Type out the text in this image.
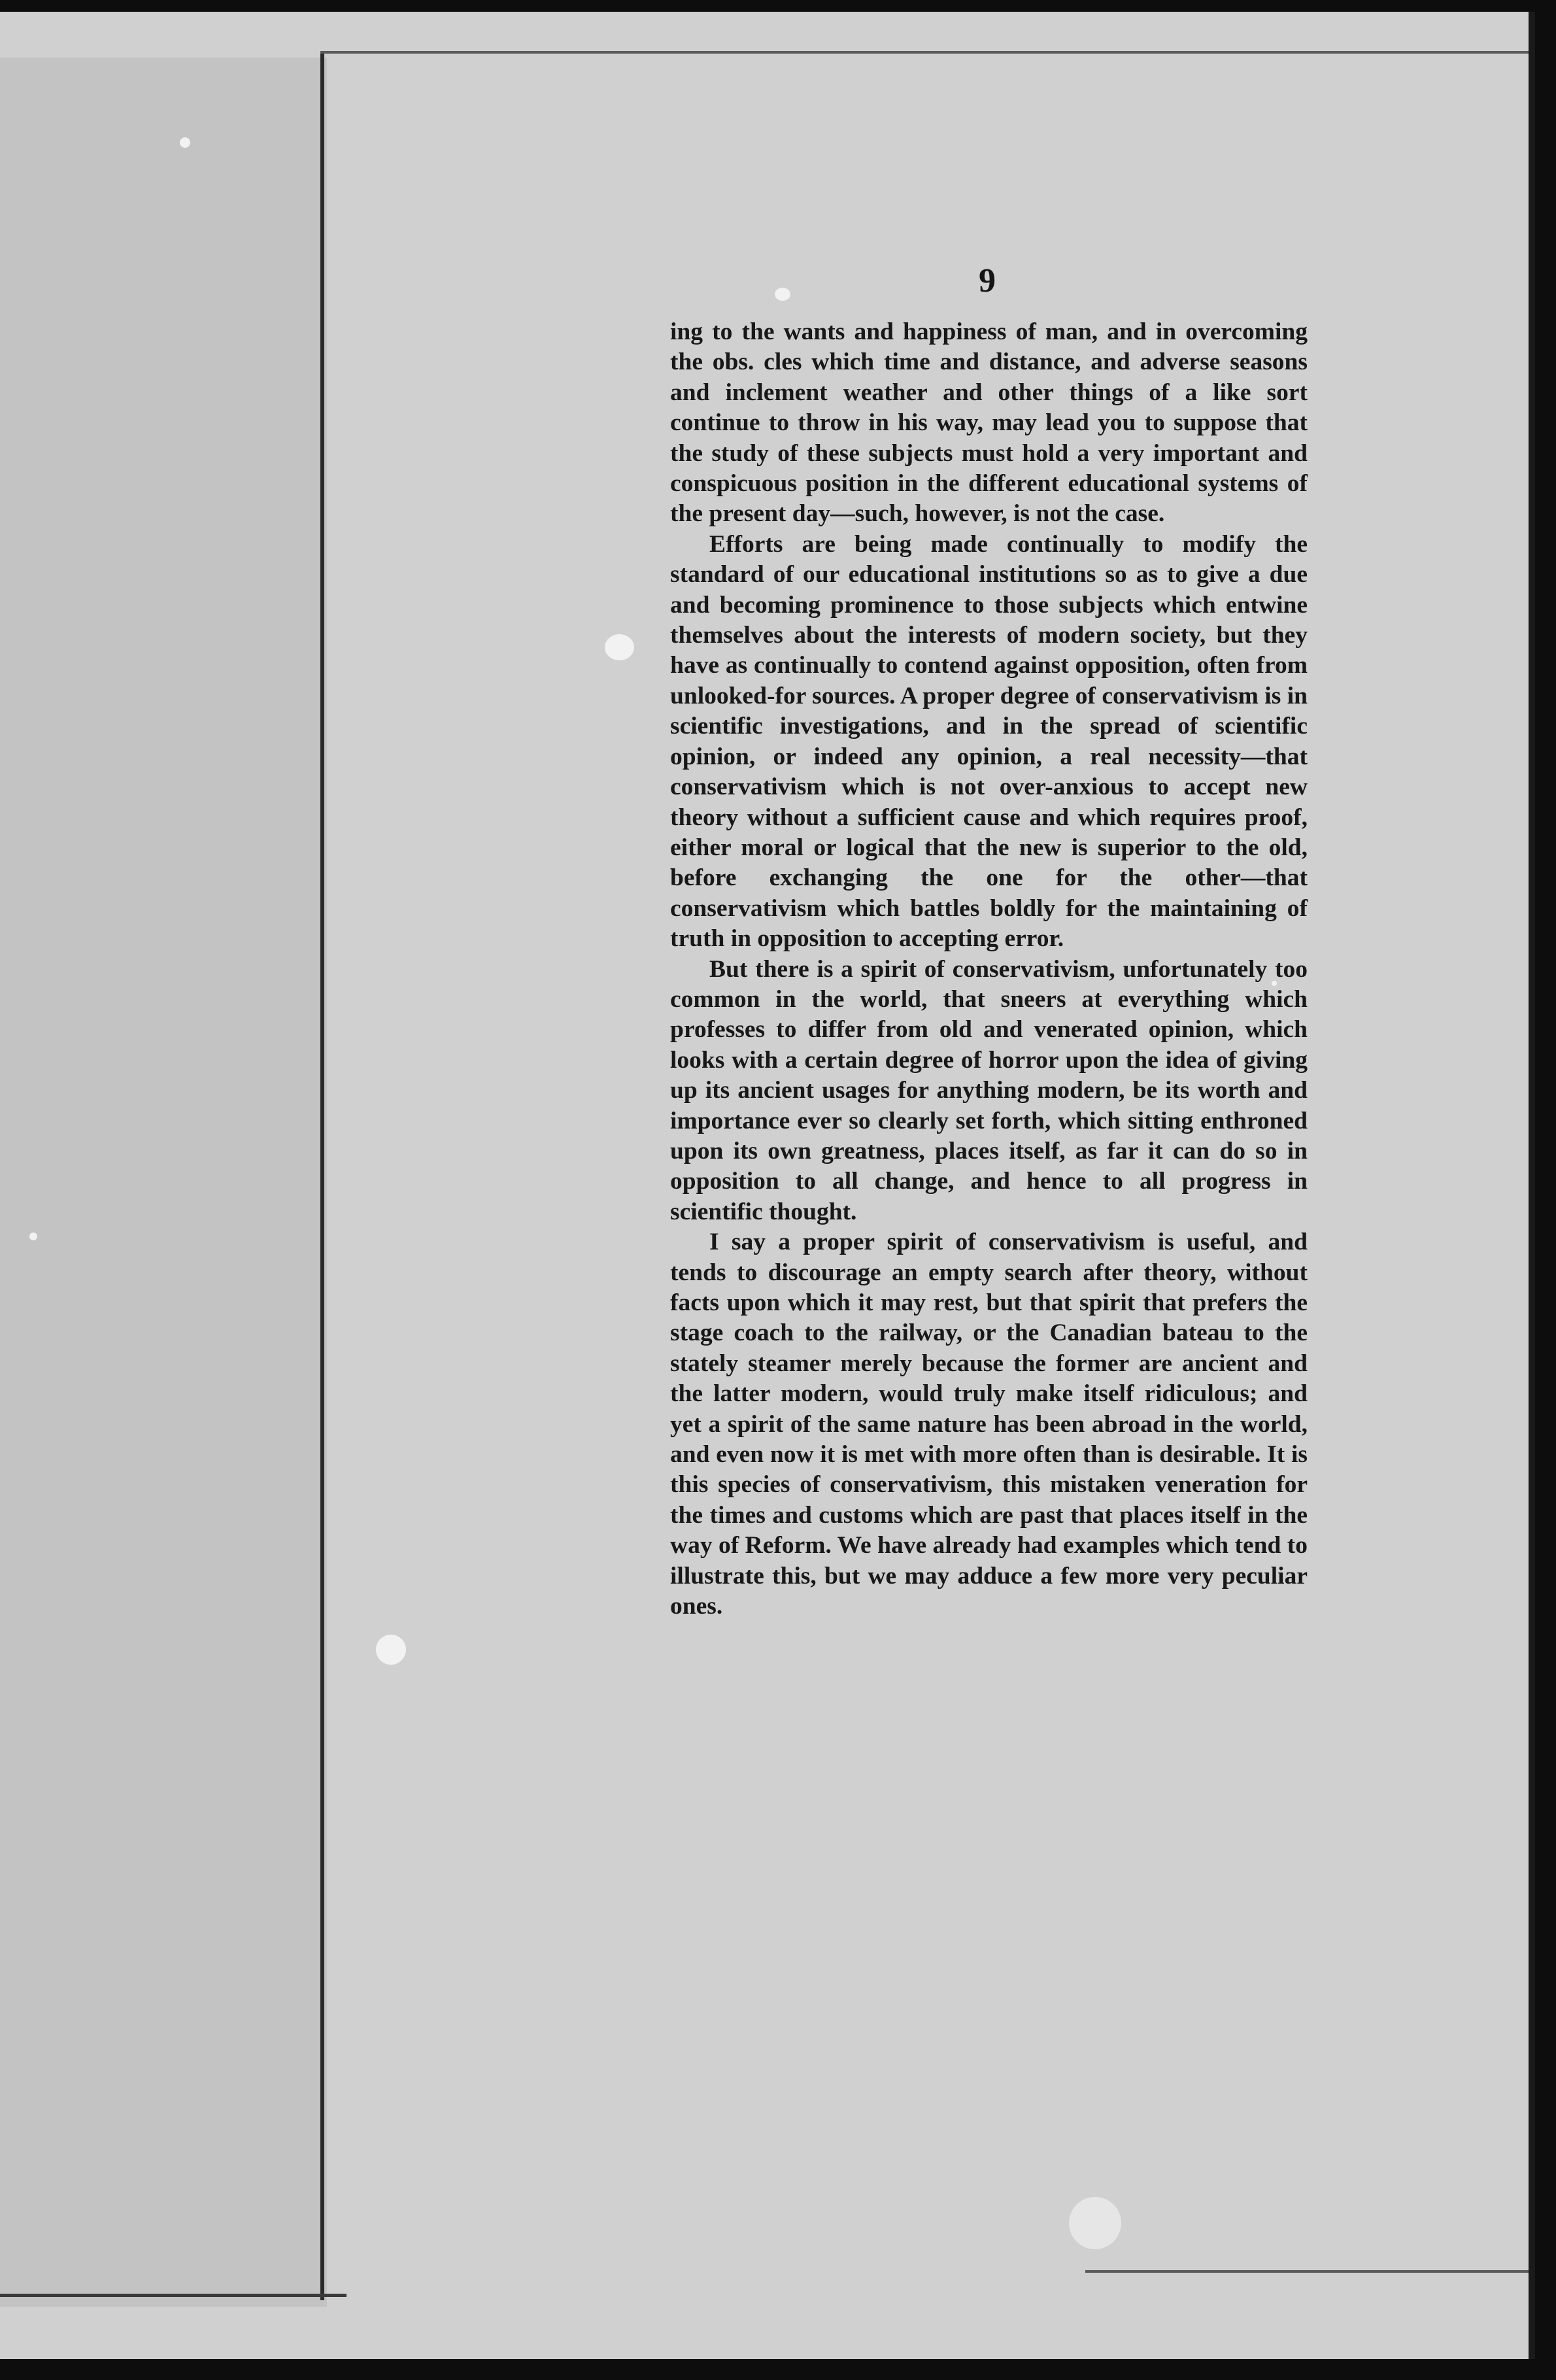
9

ing to the wants and happiness of man, and in overcoming the obs. cles which time and distance, and adverse seasons and inclement weather and other things of a like sort continue to throw in his way, may lead you to suppose that the study of these subjects must hold a very important and conspicuous position in the different educational systems of the present day—such, however, is not the case.

Efforts are being made continually to modify the standard of our educational institutions so as to give a due and becoming prominence to those subjects which entwine themselves about the interests of modern society, but they have as continually to contend against opposition, often from unlooked-for sources. A proper degree of conservativism is in scientific investigations, and in the spread of scientific opinion, or indeed any opinion, a real necessity—that conservativism which is not over-anxious to accept new theory without a sufficient cause and which requires proof, either moral or logical that the new is superior to the old, before exchanging the one for the other—that conservativism which battles boldly for the maintaining of truth in opposition to accepting error.

But there is a spirit of conservativism, unfortunately too common in the world, that sneers at everything which professes to differ from old and venerated opinion, which looks with a certain degree of horror upon the idea of giving up its ancient usages for anything modern, be its worth and importance ever so clearly set forth, which sitting enthroned upon its own greatness, places itself, as far it can do so in opposition to all change, and hence to all progress in scientific thought.

I say a proper spirit of conservativism is useful, and tends to discourage an empty search after theory, without facts upon which it may rest, but that spirit that prefers the stage coach to the railway, or the Canadian bateau to the stately steamer merely because the former are ancient and the latter modern, would truly make itself ridiculous; and yet a spirit of the same nature has been abroad in the world, and even now it is met with more often than is desirable. It is this species of conservativism, this mistaken veneration for the times and customs which are past that places itself in the way of Reform. We have already had examples which tend to illustrate this, but we may adduce a few more very peculiar ones.
